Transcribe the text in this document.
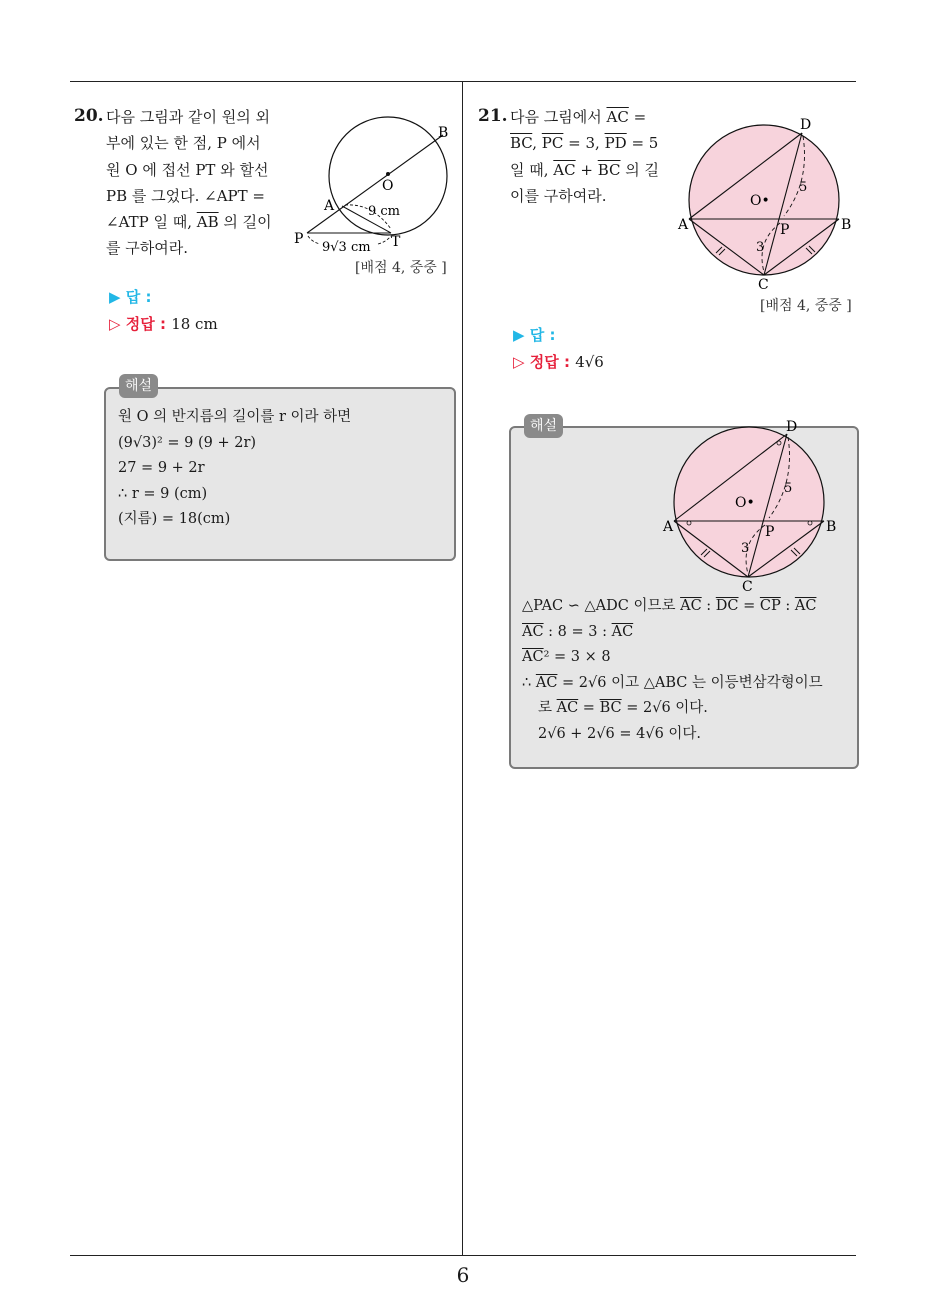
6
20. 다음 그림과 같이 원의 외
부에 있는 한 점, P 에서
원 O 에 접선 PT 와 할선
PB 를 그었다. ∠APT =
∠ATP 일 때, $\overline{AB}$ 의 길이
를 구하여라.
B
O
A
P	T
9 cm
9√3 cm
[배점 4, 중중 ]
▶ 답 :
▷ 정답 : 18 cm
해설
원 O 의 반지름의 길이를 r 이라 하면
(9√3)² = 9 (9 + 2r)
27 = 9 + 2r
∴ r = 9 (cm)
(지름) = 18(cm)
21. 다음 그림에서 $\overline{AC}$ =
$\overline{BC}$, $\overline{PC} = 3$, $\overline{PD} = 5$
일 때, $\overline{AC} + \overline{BC}$ 의 길
이를 구하여라.
D
O•
A	P	B
C
5
3
[배점 4, 중중 ]
▶ 답 :
▷ 정답 : 4√6
해설	D
O•
A	P	B
C
5
3
△PAC ∽ △ADC 이므로 $\overline{AC}$ : $\overline{DC} = \overline{CP}$ : $\overline{AC}$
$\overline{AC}$ : 8 = 3 : $\overline{AC}$
$\overline{AC}^2 = 3 \times 8$
∴ $\overline{AC} = 2√6$ 이고 △ABC 는 이등변삼각형이므
로 $\overline{AC} = \overline{BC} = 2√6$ 이다.
2√6 + 2√6 = 4√6 이다.
